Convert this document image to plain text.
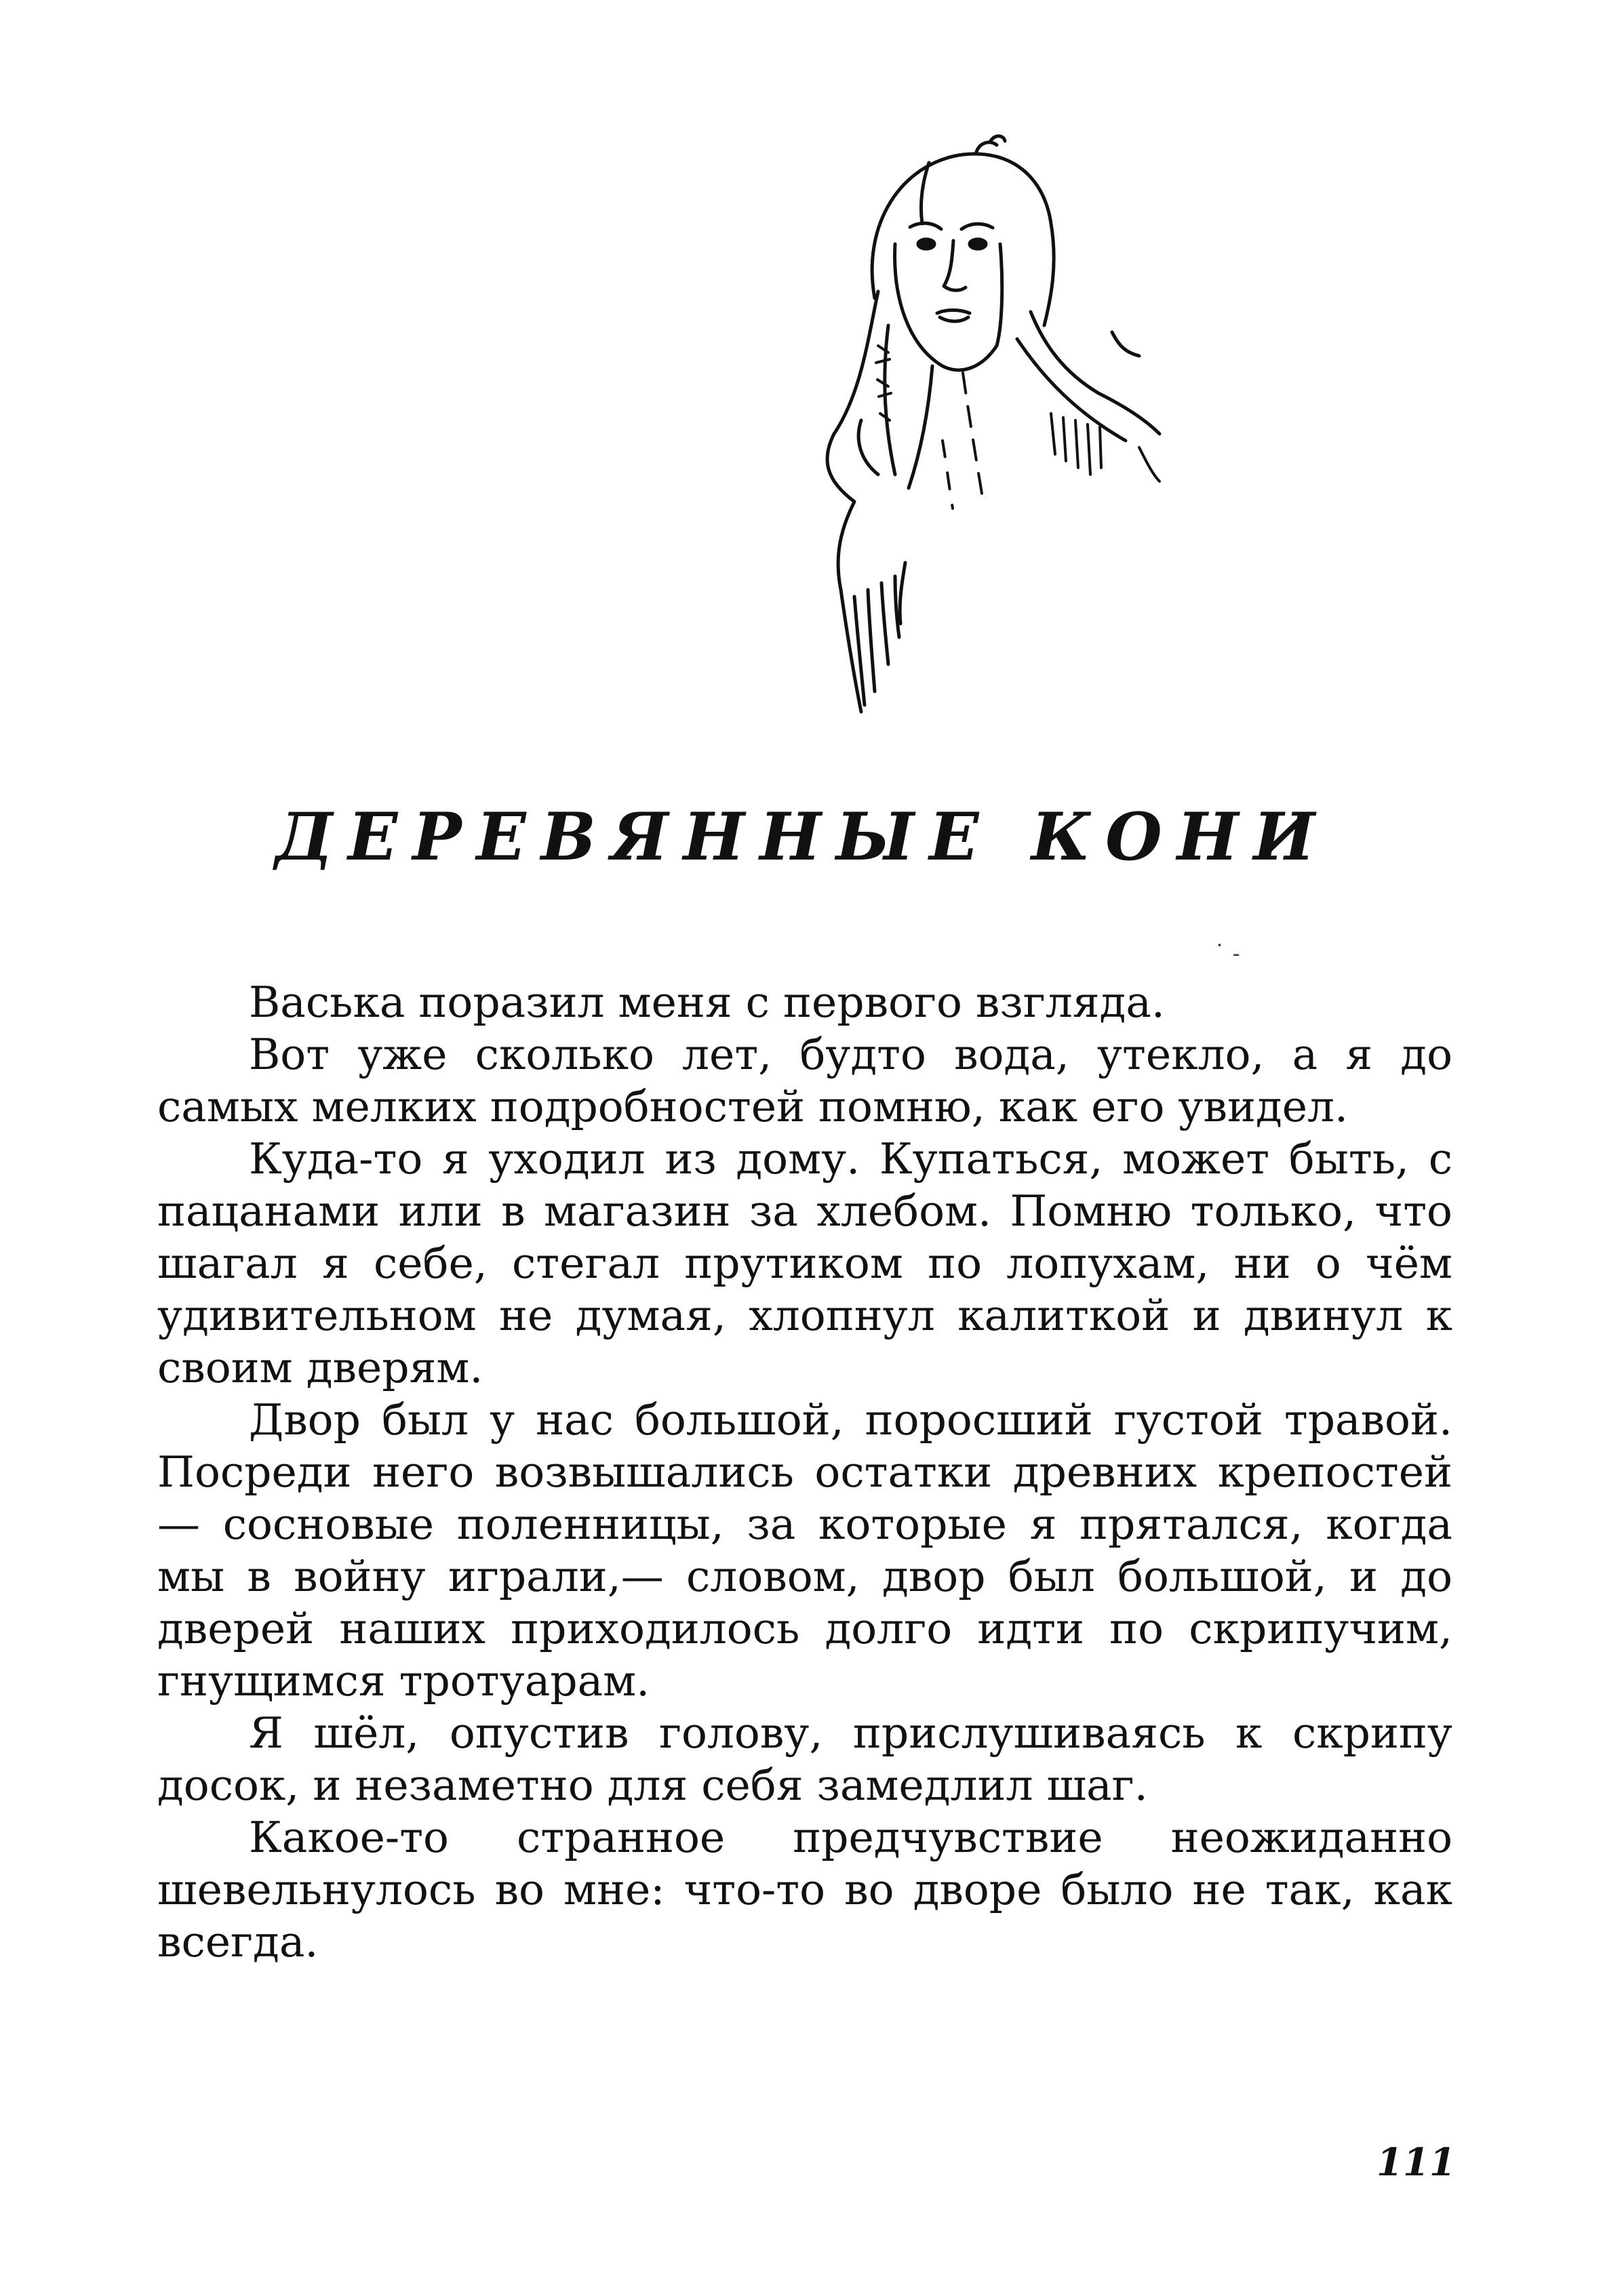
ДЕРЕВЯННЫЕ КОНИ
˙ ˗

Васька поразил меня с первого взгляда.

Вот уже сколько лет, будто вода, утекло, а я до самых мелких подробностей помню, как его увидел.

Куда-то я уходил из дому. Купаться, может быть, с пацанами или в магазин за хлебом. Помню только, что шагал я себе, стегал прутиком по лопухам, ни о чём удивительном не думая, хлопнул калиткой и двинул к своим дверям.

Двор был у нас большой, поросший густой травой. Посреди него возвышались остатки древних крепостей — сосновые поленницы, за которые я прятался, когда мы в войну играли,— словом, двор был большой, и до дверей наших приходилось долго идти по скрипучим, гнущимся тротуарам.

Я шёл, опустив голову, прислушиваясь к скрипу досок, и незаметно для себя замедлил шаг.

Какое-то странное предчувствие неожиданно шевельнулось во мне: что-то во дворе было не так, как всегда.

111
